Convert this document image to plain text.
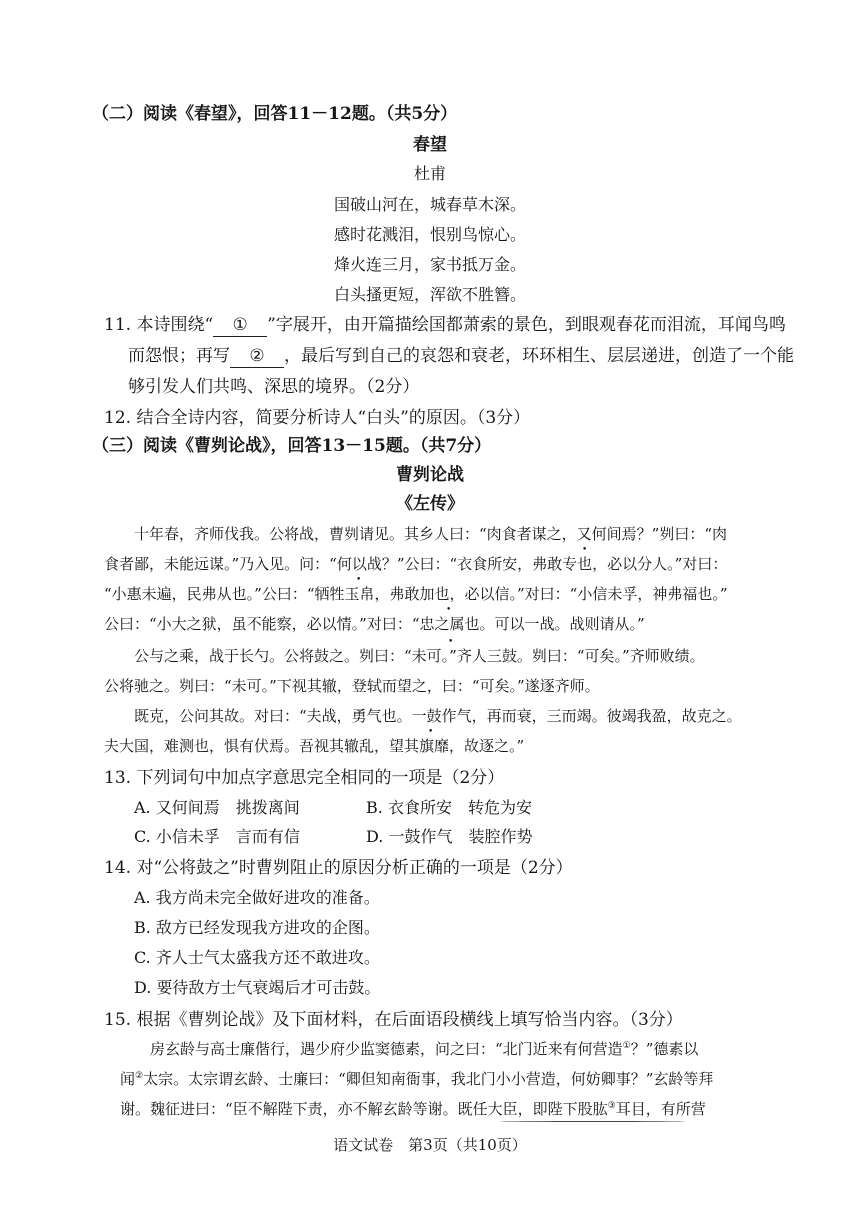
（二）阅读《春望》，回答11－12题。（共5分）
春望
杜甫
国破山河在，城春草木深。
感时花溅泪，恨别鸟惊心。
烽火连三月，家书抵万金。
白头搔更短，浑欲不胜簪。
11. 本诗围绕“ ① ”字展开，由开篇描绘国都萧索的景色，到眼观春花而泪流，耳闻鸟鸣
而怨恨；再写 ② ，最后写到自己的哀怨和衰老，环环相生、层层递进，创造了一个能
够引发人们共鸣、深思的境界。（2分）
12. 结合全诗内容，简要分析诗人“白头”的原因。（3分）
（三）阅读《曹刿论战》，回答13－15题。（共7分）
曹刿论战
《左传》
十年春，齐师伐我。公将战，曹刿请见。其乡人曰：“肉食者谋之，又何间焉？”刿曰：“肉
食者鄙，未能远谋。”乃入见。问：“何以战？”公曰：“衣食所安，弗敢专也，必以分人。”对曰：
“小惠未遍，民弗从也。”公曰：“牺牲玉帛，弗敢加也，必以信。”对曰：“小信未孚，神弗福也。”
公曰：“小大之狱，虽不能察，必以情。”对曰：“忠之属也。可以一战。战则请从。”
公与之乘，战于长勺。公将鼓之。刿曰：“未可。”齐人三鼓。刿曰：“可矣。”齐师败绩。
公将驰之。刿曰：“未可。”下视其辙，登轼而望之，曰：“可矣。”遂逐齐师。
既克，公问其故。对曰：“夫战，勇气也。一鼓作气，再而衰，三而竭。彼竭我盈，故克之。
夫大国，难测也，惧有伏焉。吾视其辙乱，望其旗靡，故逐之。”
•
•
•
•
•
13. 下列词句中加点字意思完全相同的一项是（2分）
A. 又何间焉　 挑拨离间	B. 衣食所安　 转危为安
C. 小信未孚　 言而有信	D. 一鼓作气　 装腔作势
14. 对“公将鼓之”时曹刿阻止的原因分析正确的一项是（2分）
A. 我方尚未完全做好进攻的准备。
B. 敌方已经发现我方进攻的企图。
C. 齐人士气太盛我方还不敢进攻。
D. 要待敌方士气衰竭后才可击鼓。
15. 根据《曹刿论战》及下面材料，在后面语段横线上填写恰当内容。（3分）
房玄龄与高士廉偕行，遇少府少监窦德素，问之曰：“北门近来有何营造①？”德素以
闻②太宗。太宗谓玄龄、士廉曰：“卿但知南衙事，我北门小小营造，何妨卿事？”玄龄等拜
谢。魏征进曰：“臣不解陛下责，亦不解玄龄等谢。既任大臣，即陛下股肱③耳目，有所营
语文试卷　第3页（共10页）
